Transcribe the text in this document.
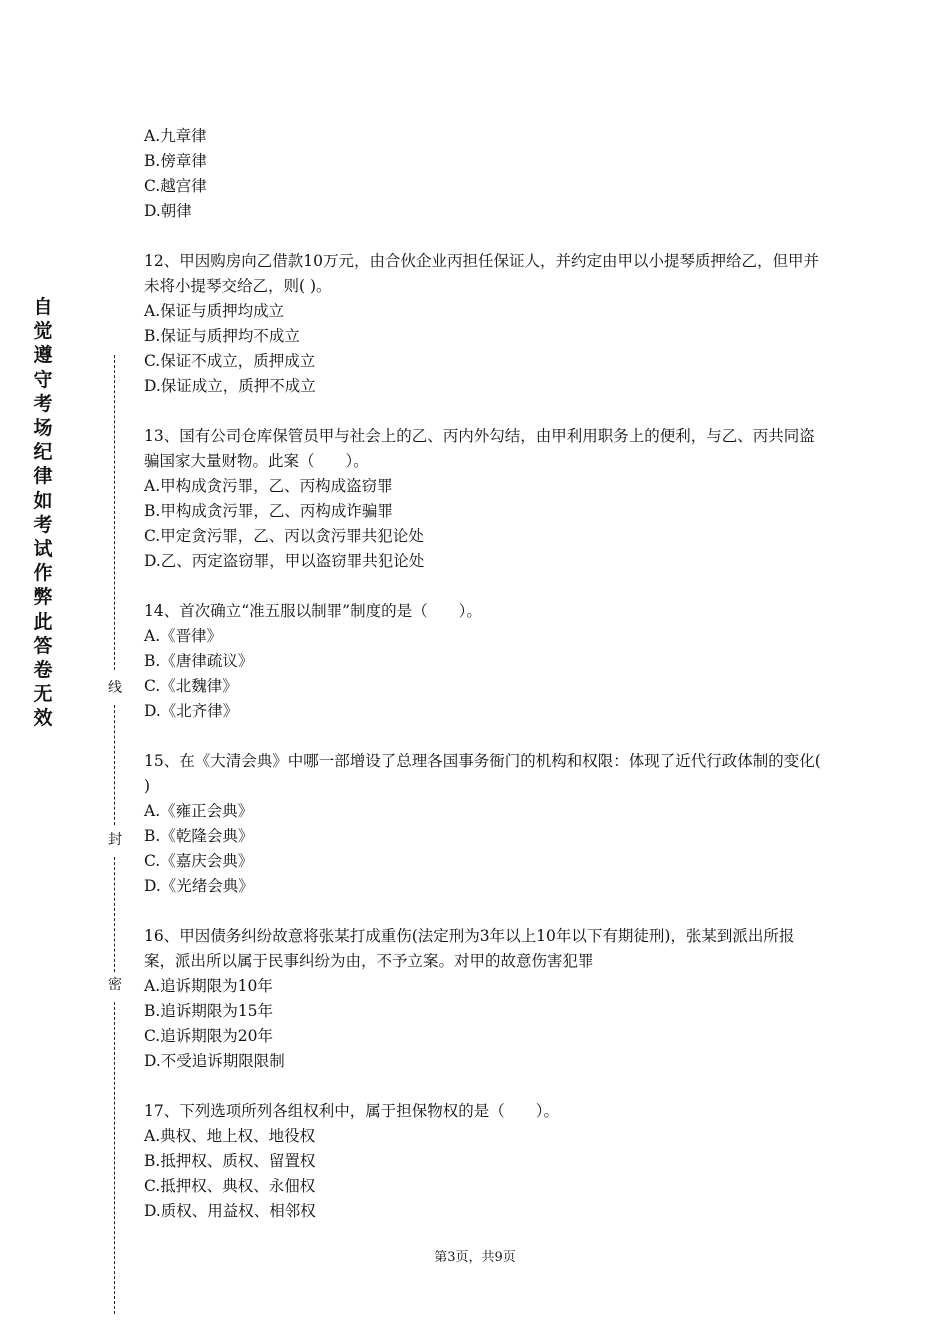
自
觉
遵
守
考
场
纪
律
如
考
试
作
弊
此
答
卷
无
效
线
封
密
A.九章律
B.傍章律
C.越宫律
D.朝律
12、甲因购房向乙借款10万元，由合伙企业丙担任保证人，并约定由甲以小提琴质押给乙，但甲并未将小提琴交给乙，则( )。
A.保证与质押均成立
B.保证与质押均不成立
C.保证不成立，质押成立
D.保证成立，质押不成立
13、国有公司仓库保管员甲与社会上的乙、丙内外勾结，由甲利用职务上的便利，与乙、丙共同盗骗国家大量财物。此案（　　）。
A.甲构成贪污罪，乙、丙构成盗窃罪
B.甲构成贪污罪，乙、丙构成诈骗罪
C.甲定贪污罪，乙、丙以贪污罪共犯论处
D.乙、丙定盗窃罪，甲以盗窃罪共犯论处
14、首次确立“准五服以制罪”制度的是（　　）。
A.《晋律》
B.《唐律疏议》
C.《北魏律》
D.《北齐律》
15、在《大清会典》中哪一部增设了总理各国事务衙门的机构和权限：体现了近代行政体制的变化( )
A.《雍正会典》
B.《乾隆会典》
C.《嘉庆会典》
D.《光绪会典》
16、甲因债务纠纷故意将张某打成重伤(法定刑为3年以上10年以下有期徒刑)，张某到派出所报案，派出所以属于民事纠纷为由，不予立案。对甲的故意伤害犯罪
A.追诉期限为10年
B.追诉期限为15年
C.追诉期限为20年
D.不受追诉期限限制
17、下列选项所列各组权利中，属于担保物权的是（　　）。
A.典权、地上权、地役权
B.抵押权、质权、留置权
C.抵押权、典权、永佃权
D.质权、用益权、相邻权
第3页，共9页
